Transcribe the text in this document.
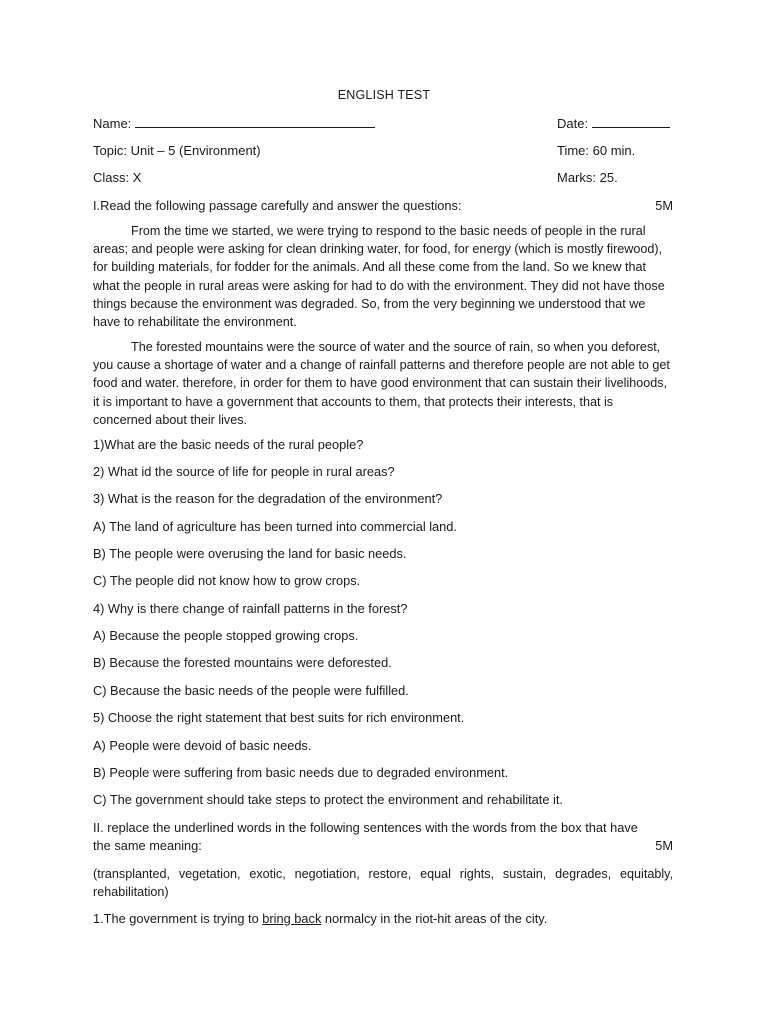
ENGLISH TEST
Name:	Date:
Topic: Unit – 5 (Environment)	Time: 60 min.
Class: X	Marks: 25.
I.Read the following passage carefully and answer the questions:	5M
From the time we started, we were trying to respond to the basic needs of people in the rural areas; and people were asking for clean drinking water, for food, for energy (which is mostly firewood), for building materials, for fodder for the animals. And all these come from the land. So we knew that what the people in rural areas were asking for had to do with the environment. They did not have those things because the environment was degraded. So, from the very beginning we understood that we have to rehabilitate the environment.
The forested mountains were the source of water and the source of rain, so when you deforest, you cause a shortage of water and a change of rainfall patterns and therefore people are not able to get food and water. therefore, in order for them to have good environment that can sustain their livelihoods, it is important to have a government that accounts to them, that protects their interests, that is concerned about their lives.
1)What are the basic needs of the rural people?
2) What id the source of life for people in rural areas?
3) What is the reason for the degradation of the environment?
A) The land of agriculture has been turned into commercial land.
B) The people were overusing the land for basic needs.
C) The people did not know how to grow crops.
4) Why is there change of rainfall patterns in the forest?
A) Because the people stopped growing crops.
B) Because the forested mountains were deforested.
C) Because the basic needs of the people were fulfilled.
5) Choose the right statement that best suits for rich environment.
A) People were devoid of basic needs.
B) People were suffering from basic needs due to degraded environment.
C) The government should take steps to protect the environment and rehabilitate it.
II. replace the underlined words in the following sentences with the words from the box that have
the same meaning:	5M
(transplanted, vegetation, exotic, negotiation, restore, equal rights, sustain, degrades, equitably, rehabilitation)
1.The government is trying to bring back normalcy in the riot-hit areas of the city.
